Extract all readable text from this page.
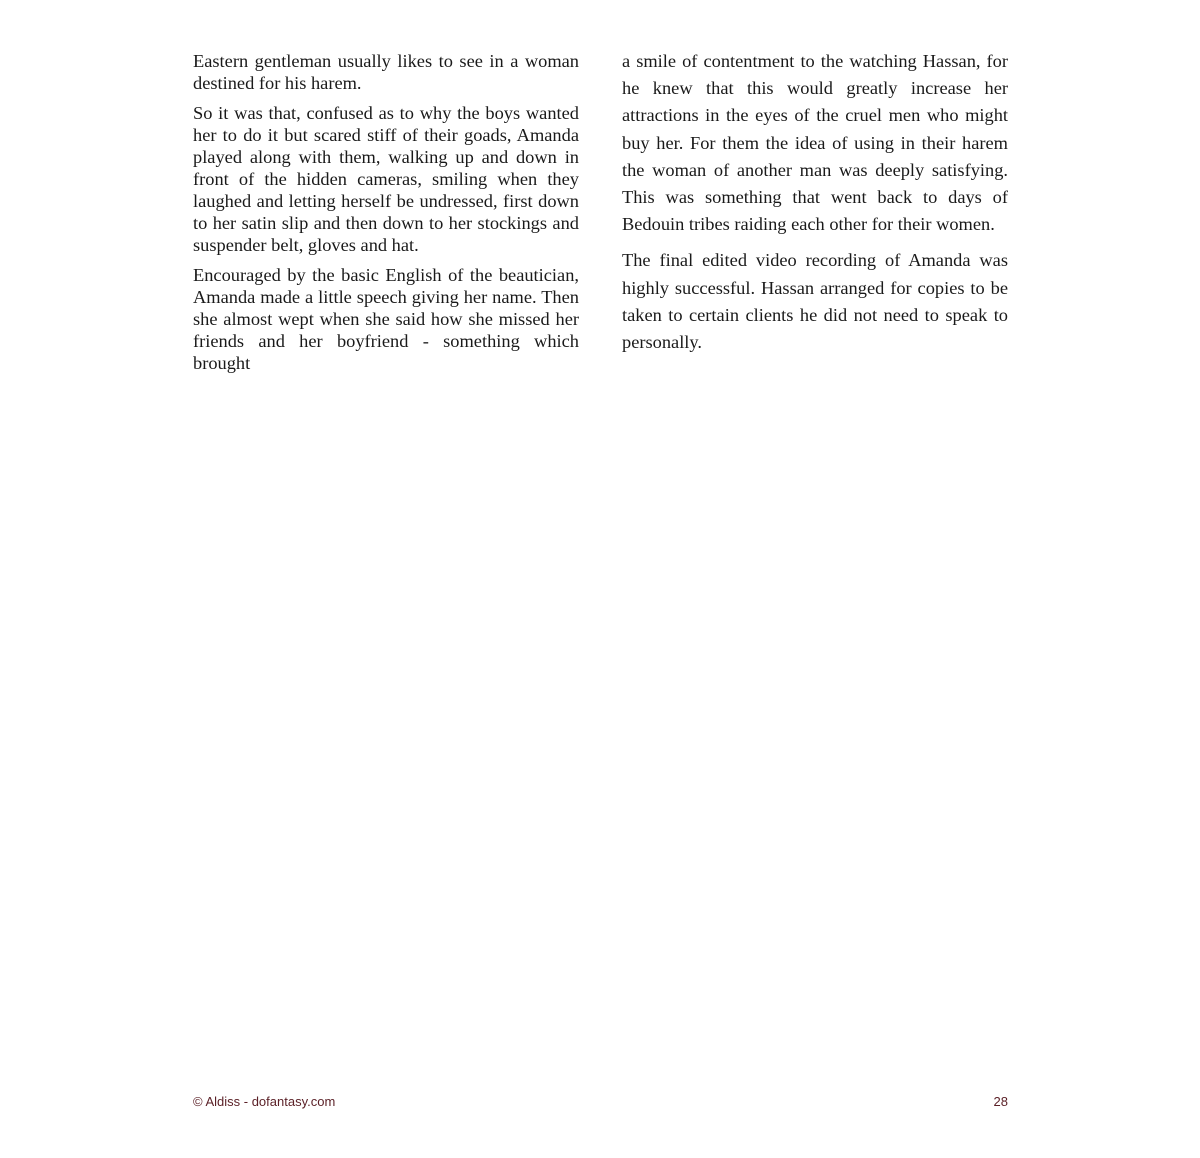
Eastern gentleman usually likes to see in a woman destined for his harem.

So it was that, confused as to why the boys wanted her to do it but scared stiff of their goads, Amanda played along with them, walking up and down in front of the hidden cameras, smiling when they laughed and letting herself be undressed, first down to her satin slip and then down to her stockings and suspender belt, gloves and hat.

Encouraged by the basic English of the beautician, Amanda made a little speech giving her name. Then she almost wept when she said how she missed her friends and her boyfriend - something which brought

a smile of contentment to the watching Hassan, for he knew that this would greatly increase her attractions in the eyes of the cruel men who might buy her. For them the idea of using in their harem the woman of another man was deeply satisfying. This was something that went back to days of Bedouin tribes raiding each other for their women.

The final edited video recording of Amanda was highly successful. Hassan arranged for copies to be taken to certain clients he did not need to speak to personally.

© Aldiss - dofantasy.com	28
